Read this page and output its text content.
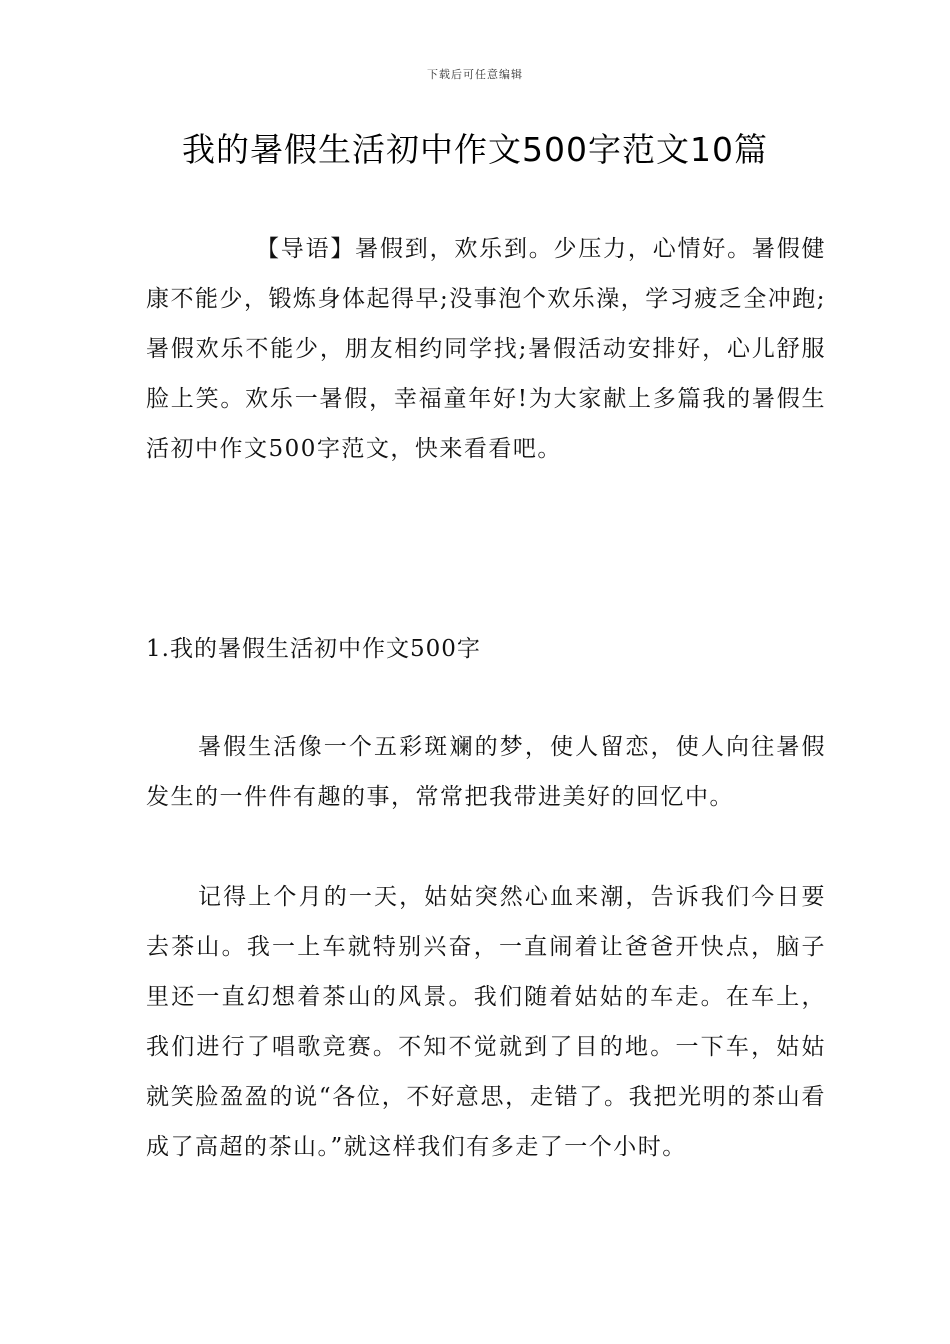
下载后可任意编辑
我的暑假生活初中作文500字范文10篇
【导语】暑假到，欢乐到。少压力，心情好。暑假健康不能少，锻炼身体起得早;没事泡个欢乐澡，学习疲乏全冲跑;暑假欢乐不能少，朋友相约同学找;暑假活动安排好，心儿舒服脸上笑。欢乐一暑假，幸福童年好!为大家献上多篇我的暑假生活初中作文500字范文，快来看看吧。
1.我的暑假生活初中作文500字
暑假生活像一个五彩斑斓的梦，使人留恋，使人向往暑假发生的一件件有趣的事，常常把我带进美好的回忆中。
记得上个月的一天，姑姑突然心血来潮，告诉我们今日要去茶山。我一上车就特别兴奋，一直闹着让爸爸开快点，脑子里还一直幻想着茶山的风景。我们随着姑姑的车走。在车上，我们进行了唱歌竞赛。不知不觉就到了目的地。一下车，姑姑就笑脸盈盈的说“各位，不好意思，走错了。我把光明的茶山看成了高超的茶山。”就这样我们有多走了一个小时。
